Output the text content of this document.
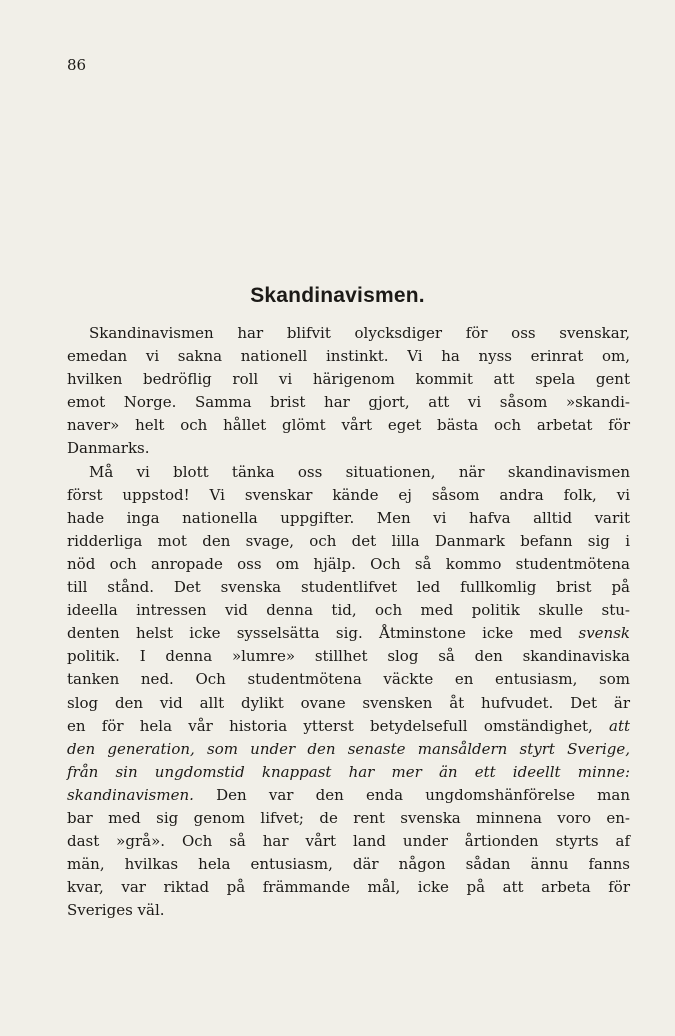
86
Skandinavismen.
Skandinavismen har blifvit olycksdiger för oss svenskar,
emedan vi sakna nationell instinkt. Vi ha nyss erinrat om,
hvilken bedröflig roll vi härigenom kommit att spela gent
emot Norge. Samma brist har gjort, att vi såsom »skandi-
naver» helt och hållet glömt vårt eget bästa och arbetat för
Danmarks.
Må vi blott tänka oss situationen, när skandinavismen
först uppstod! Vi svenskar kände ej såsom andra folk, vi
hade inga nationella uppgifter. Men vi hafva alltid varit
ridderliga mot den svage, och det lilla Danmark befann sig i
nöd och anropade oss om hjälp. Och så kommo studentmötena
till stånd. Det svenska studentlifvet led fullkomlig brist på
ideella intressen vid denna tid, och med politik skulle stu-
denten helst icke sysselsätta sig. Åtminstone icke med svensk
politik. I denna »lumre» stillhet slog så den skandinaviska
tanken ned. Och studentmötena väckte en entusiasm, som
slog den vid allt dylikt ovane svensken åt hufvudet. Det är
en för hela vår historia ytterst betydelsefull omständighet, att
den generation, som under den senaste mansåldern styrt Sverige,
från sin ungdomstid knappast har mer än ett ideellt minne:
skandinavismen. Den var den enda ungdomshänförelse man
bar med sig genom lifvet; de rent svenska minnena voro en-
dast »grå». Och så har vårt land under årtionden styrts af
män, hvilkas hela entusiasm, där någon sådan ännu fanns
kvar, var riktad på främmande mål, icke på att arbeta för
Sveriges väl.
